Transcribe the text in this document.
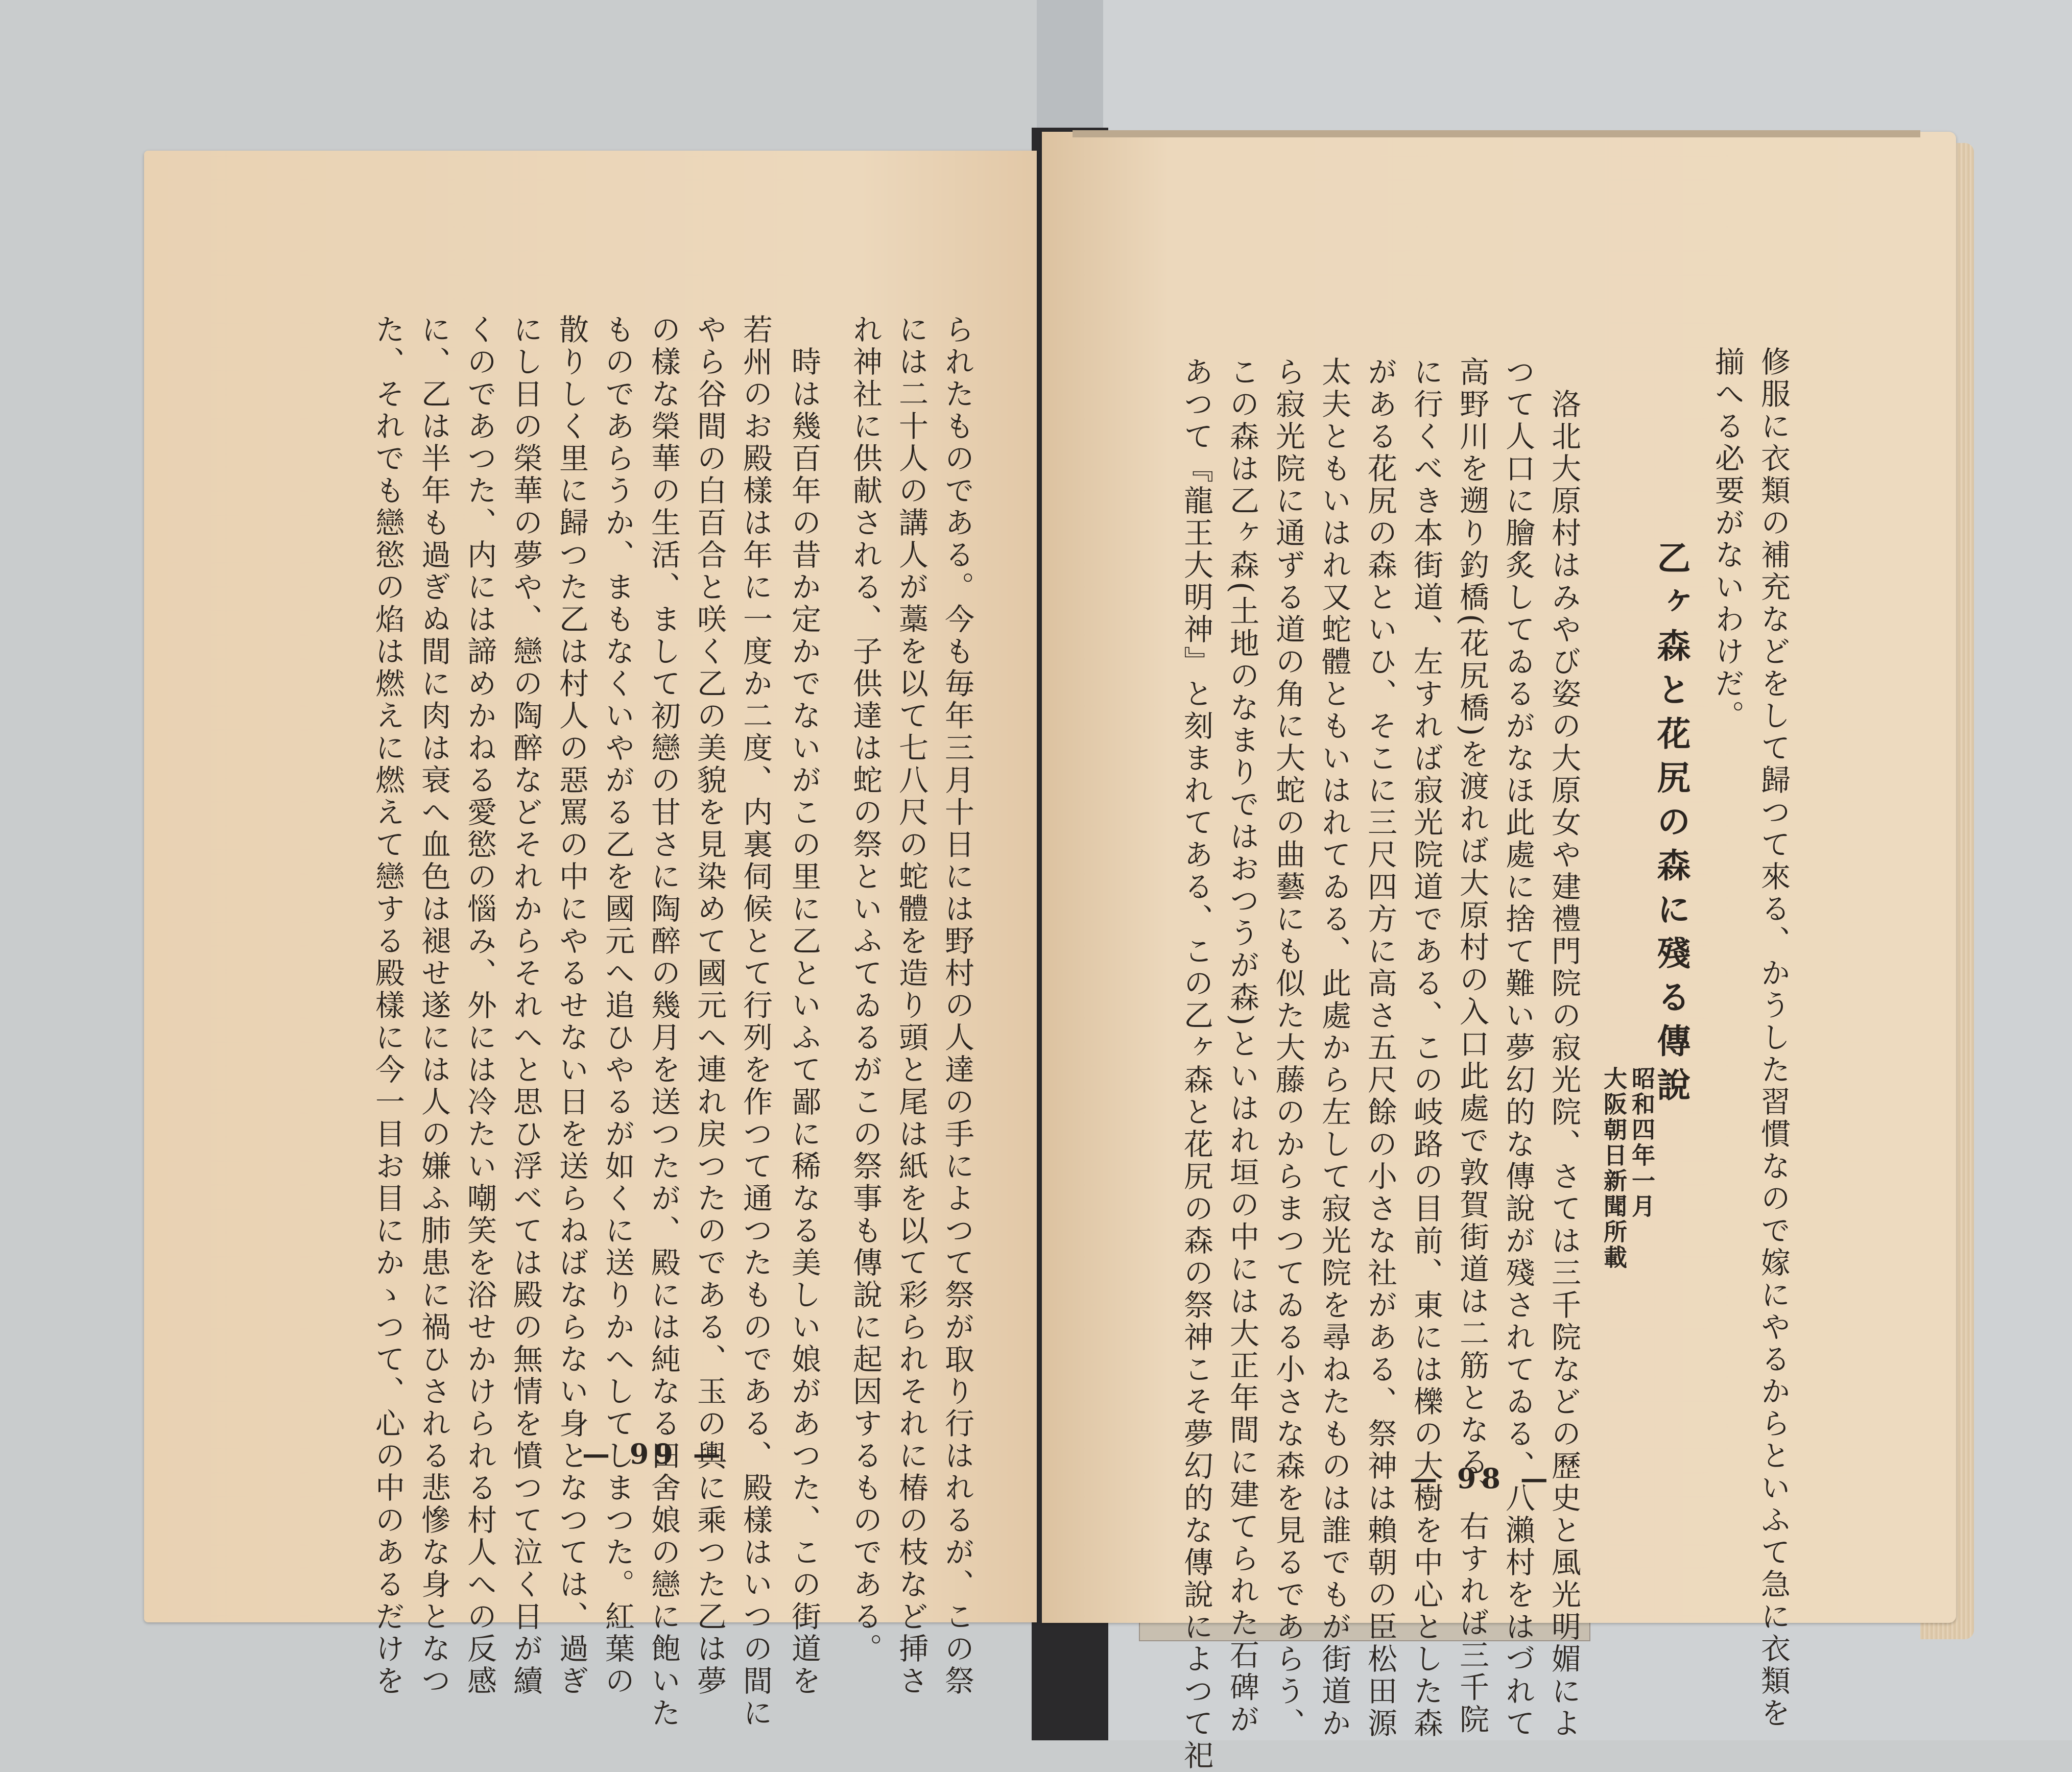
られたものである。今も毎年三月十日には野村の人達の手によつて祭が取り行はれるが、この祭
には二十人の講人が藁を以て七八尺の蛇體を造り頭と尾は紙を以て彩られそれに椿の枝など挿さ
れ神社に供献される、子供達は蛇の祭といふてゐるがこの祭事も傳說に起因するものである。
　時は幾百年の昔か定かでないがこの里に乙といふて鄙に稀なる美しい娘があつた、この街道を
若州のお殿樣は年に一度か二度、内裏伺候とて行列を作つて通つたものである、殿樣はいつの間に
やら谷間の白百合と咲く乙の美貌を見染めて國元へ連れ戻つたのである、玉の輿に乘つた乙は夢
の樣な榮華の生活、まして初戀の甘さに陶醉の幾月を送つたが、殿には純なる田舍娘の戀に飽いた
ものであらうか、まもなくいやがる乙を國元へ追ひやるが如くに送りかへしてしまつた。紅葉の
散りしく里に歸つた乙は村人の惡罵の中にやるせない日を送らねばならない身となつては、過ぎ
にし日の榮華の夢や、戀の陶醉などそれからそれへと思ひ浮べては殿の無情を憤つて泣く日が續
くのであつた、内には諦めかねる愛慾の惱み、外には冷たい嘲笑を浴せかけられる村人への反感
に、乙は半年も過ぎぬ間に肉は衰へ血色は褪せ遂には人の嫌ふ肺患に禍ひされる悲慘な身となつ
た、それでも戀慾の焰は燃えに燃えて戀する殿樣に今一目お目にかゝつて、心の中のあるだけを	— 99 —	修服に衣類の補充などをして歸つて來る、かうした習慣なので嫁にやるからといふて急に衣類を
揃へる必要がないわけだ。
乙ヶ森と花尻の森に殘る傳說
昭和四年一月
大阪朝日新聞所載
　洛北大原村はみやび姿の大原女や建禮門院の寂光院、さては三千院などの歷史と風光明媚によ
つて人口に膾炙してゐるがなほ此處に捨て難い夢幻的な傳說が殘されてゐる、八瀨村をはづれて
高野川を遡り釣橋(花尻橋)を渡れば大原村の入口此處で敦賀街道は二筋となる、右すれば三千院
に行くべき本街道、左すれば寂光院道である、この岐路の目前、東には櫟の大樹を中心とした森
がある花尻の森といひ、そこに三尺四方に高さ五尺餘の小さな社がある、祭神は賴朝の臣松田源
太夫ともいはれ又蛇體ともいはれてゐる、此處から左して寂光院を尋ねたものは誰でもが街道か
ら寂光院に通ずる道の角に大蛇の曲藝にも似た大藤のからまつてゐる小さな森を見るであらう、
この森は乙ヶ森(土地のなまりではおつうが森)といはれ垣の中には大正年間に建てられた石碑が
あつて『龍王大明神』と刻まれてある、この乙ヶ森と花尻の森の祭神こそ夢幻的な傳說によつて祀	— 98 —
